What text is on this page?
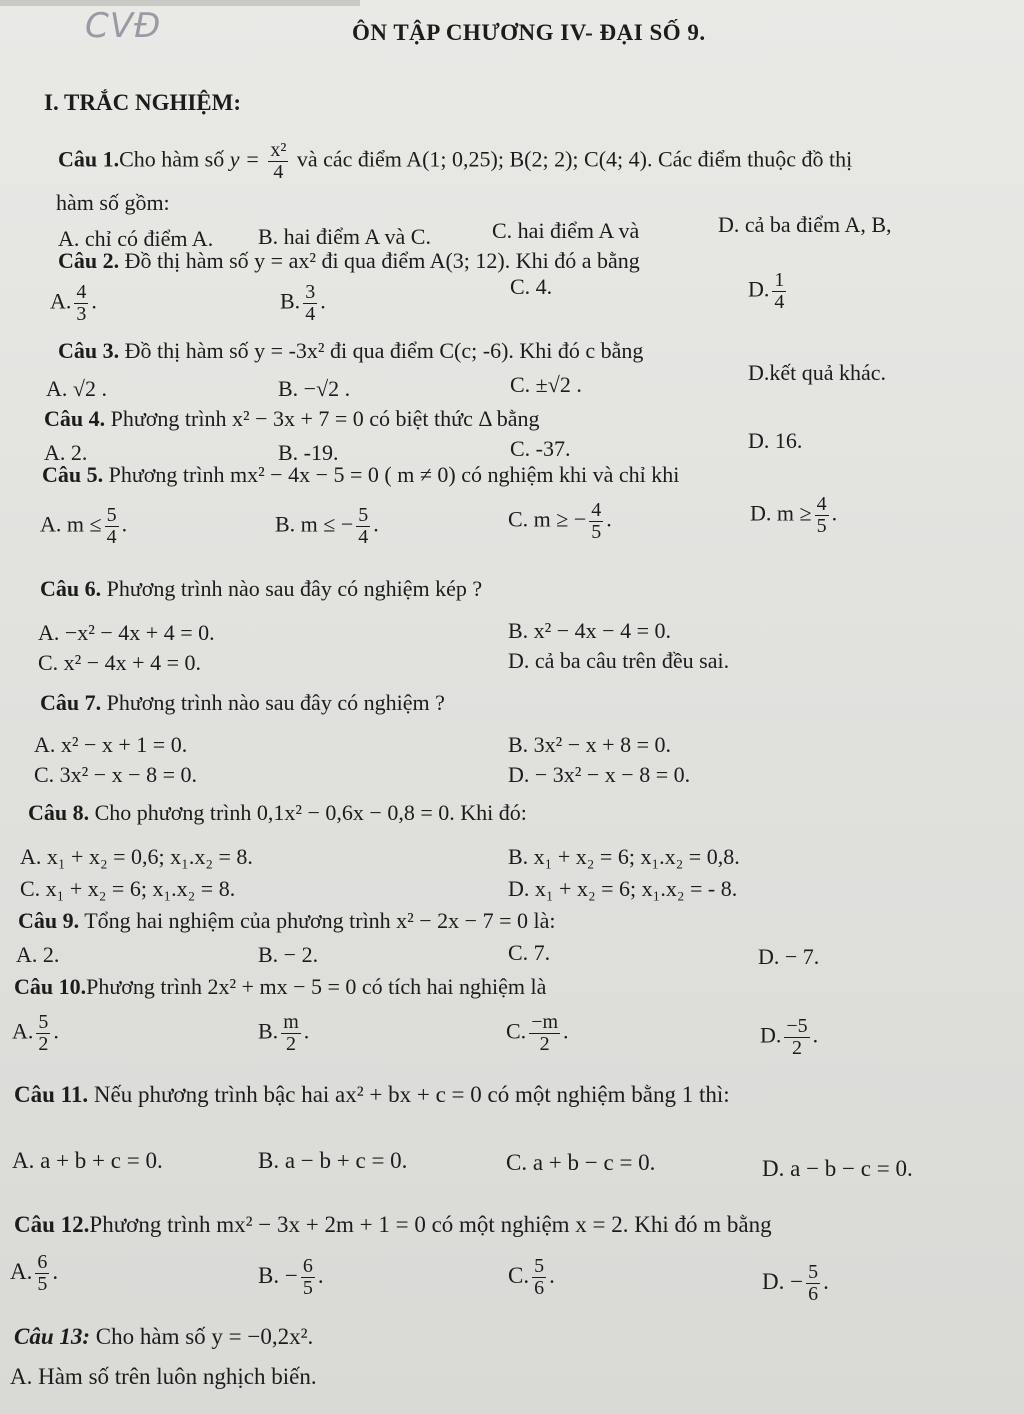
CVĐ	ÔN TẬP CHƯƠNG IV- ĐẠI SỐ 9.
I. TRẮC NGHIỆM:
Câu 1.Cho hàm số $y = \frac{\text{x²}}{4}$ và các điểm A(1; 0,25); B(2; 2); C(4; 4). Các điểm thuộc đồ thị
hàm số gồm:
A. chỉ có điểm A. B. hai điểm A và C.	C. hai điểm A và	D. cả ba điểm A, B,
Câu 2. Đồ thị hàm số y = ax² đi qua điểm A(3; 12). Khi đó a bằng
A. $\frac{4}{3}$ .	B. $\frac{3}{4}$ .
C. 4.	D. $\frac{1}{4}$
Câu 3. Đồ thị hàm số y = -3x² đi qua điểm C(c; -6). Khi đó c bằng
A. √2 .	B. −√2 .	C. ±√2 .	D.kết quả khác.
Câu 4. Phương trình x² − 3x + 7 = 0 có biệt thức Δ bằng
A. 2.	B. -19.	C. -37.	D. 16.
Câu 5. Phương trình mx² − 4x − 5 = 0 ( m ≠ 0) có nghiệm khi và chỉ khi
A. $m \le \frac{5}{4}$ .	B. m ≤ − $\frac{5}{4}$ .	C. m ≥ − $\frac{4}{5}$ .	D. $m \ge \frac{4}{5}$ .
Câu 6. Phương trình nào sau đây có nghiệm kép ?
A. −x² − 4x + 4 = 0.	B. x² − 4x − 4 = 0.
C. x² − 4x + 4 = 0.	D. cả ba câu trên đều sai.
Câu 7. Phương trình nào sau đây có nghiệm ?
A. x² − x + 1 = 0.	B. 3x² − x + 8 = 0.
C. 3x² − x − 8 = 0.	D. − 3x² − x − 8 = 0.
Câu 8. Cho phương trình 0,1x² − 0,6x − 0,8 = 0. Khi đó:
A. x₁ + x₂ = 0,6; x₁.x₂ = 8.	B. x₁ + x₂ = 6; x₁.x₂ = 0,8.
C. x₁ + x₂ = 6; x₁.x₂ = 8.	D. x₁ + x₂ = 6; x₁.x₂ = - 8.
Câu 9. Tổng hai nghiệm của phương trình x² − 2x − 7 = 0 là:
A. 2.	B. − 2.	C. 7.	D. − 7.
Câu 10.Phương trình 2x² + mx − 5 = 0 có tích hai nghiệm là
A. $\frac{5}{2}$ .	B. $\frac{m}{2}$ .	C. $\frac{-m}{2}$ .	D. $\frac{-5}{2}$ .
Câu 11. Nếu phương trình bậc hai ax² + bx + c = 0 có một nghiệm bằng 1 thì:
A. a + b + c = 0.	B. a − b + c = 0.	C. a + b − c = 0.	D. a − b − c = 0.
Câu 12.Phương trình mx² − 3x + 2m + 1 = 0 có một nghiệm x = 2. Khi đó m bằng
A. $\frac{6}{5}$ .	B. − $\frac{6}{5}$ .	C. $\frac{5}{6}$ .	D. − $\frac{5}{6}$ .
Câu 13: Cho hàm số y = −0,2x².
A. Hàm số trên luôn nghịch biến.
